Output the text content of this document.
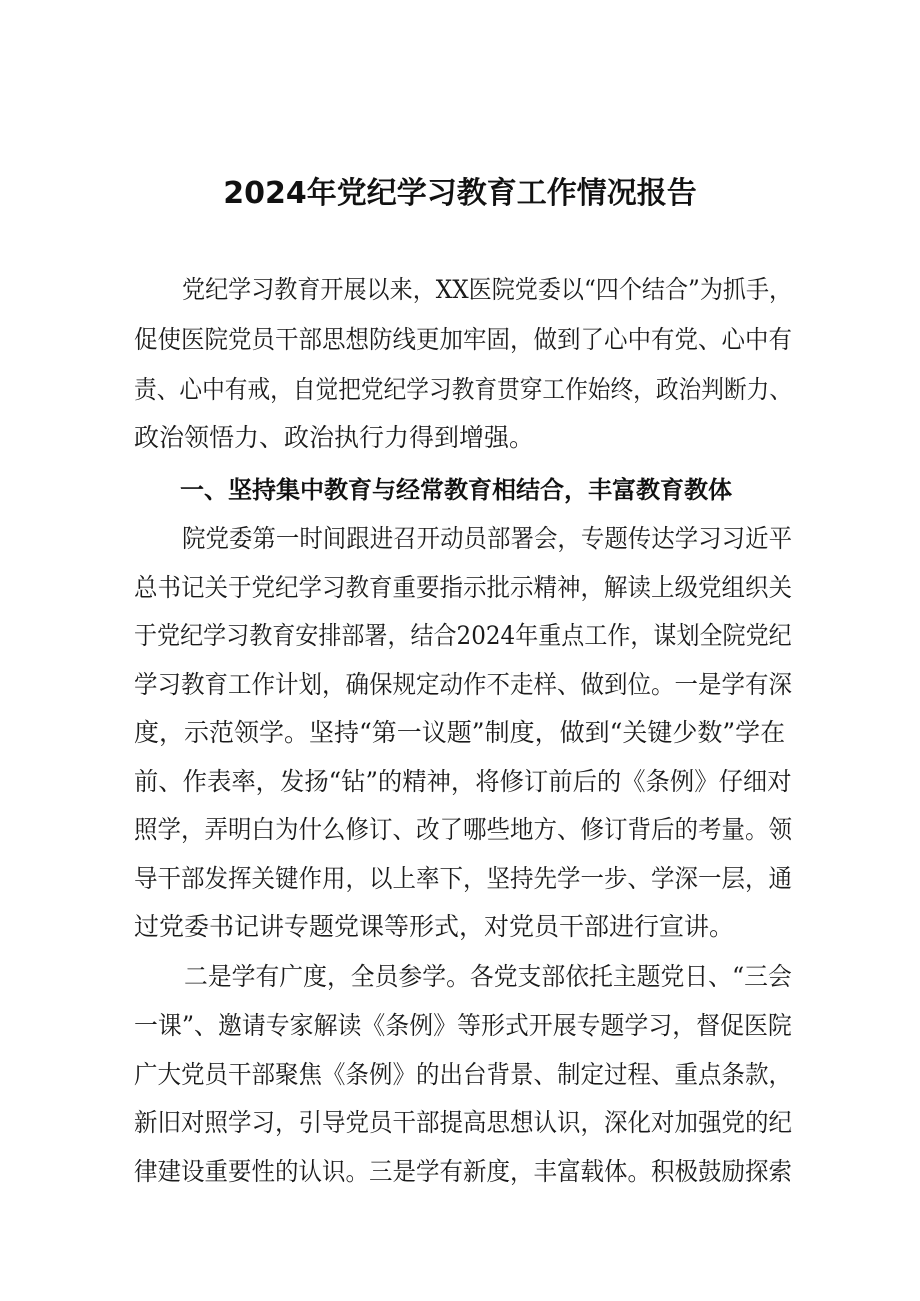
2024年党纪学习教育工作情况报告
党纪学习教育开展以来，XX医院党委以“四个结合”为抓手，
促使医院党员干部思想防线更加牢固，做到了心中有党、心中有
责、心中有戒，自觉把党纪学习教育贯穿工作始终，政治判断力、
政治领悟力、政治执行力得到增强。
一、坚持集中教育与经常教育相结合，丰富教育教体
院党委第一时间跟进召开动员部署会，专题传达学习习近平
总书记关于党纪学习教育重要指示批示精神，解读上级党组织关
于党纪学习教育安排部署，结合2024年重点工作，谋划全院党纪
学习教育工作计划，确保规定动作不走样、做到位。一是学有深
度，示范领学。坚持“第一议题”制度，做到“关键少数”学在
前、作表率，发扬“钻”的精神，将修订前后的《条例》仔细对
照学，弄明白为什么修订、改了哪些地方、修订背后的考量。领
导干部发挥关键作用，以上率下，坚持先学一步、学深一层，通
过党委书记讲专题党课等形式，对党员干部进行宣讲。
二是学有广度，全员参学。各党支部依托主题党日、“三会
一课”、邀请专家解读《条例》等形式开展专题学习，督促医院
广大党员干部聚焦《条例》的出台背景、制定过程、重点条款，
新旧对照学习，引导党员干部提高思想认识，深化对加强党的纪
律建设重要性的认识。三是学有新度，丰富载体。积极鼓励探索
